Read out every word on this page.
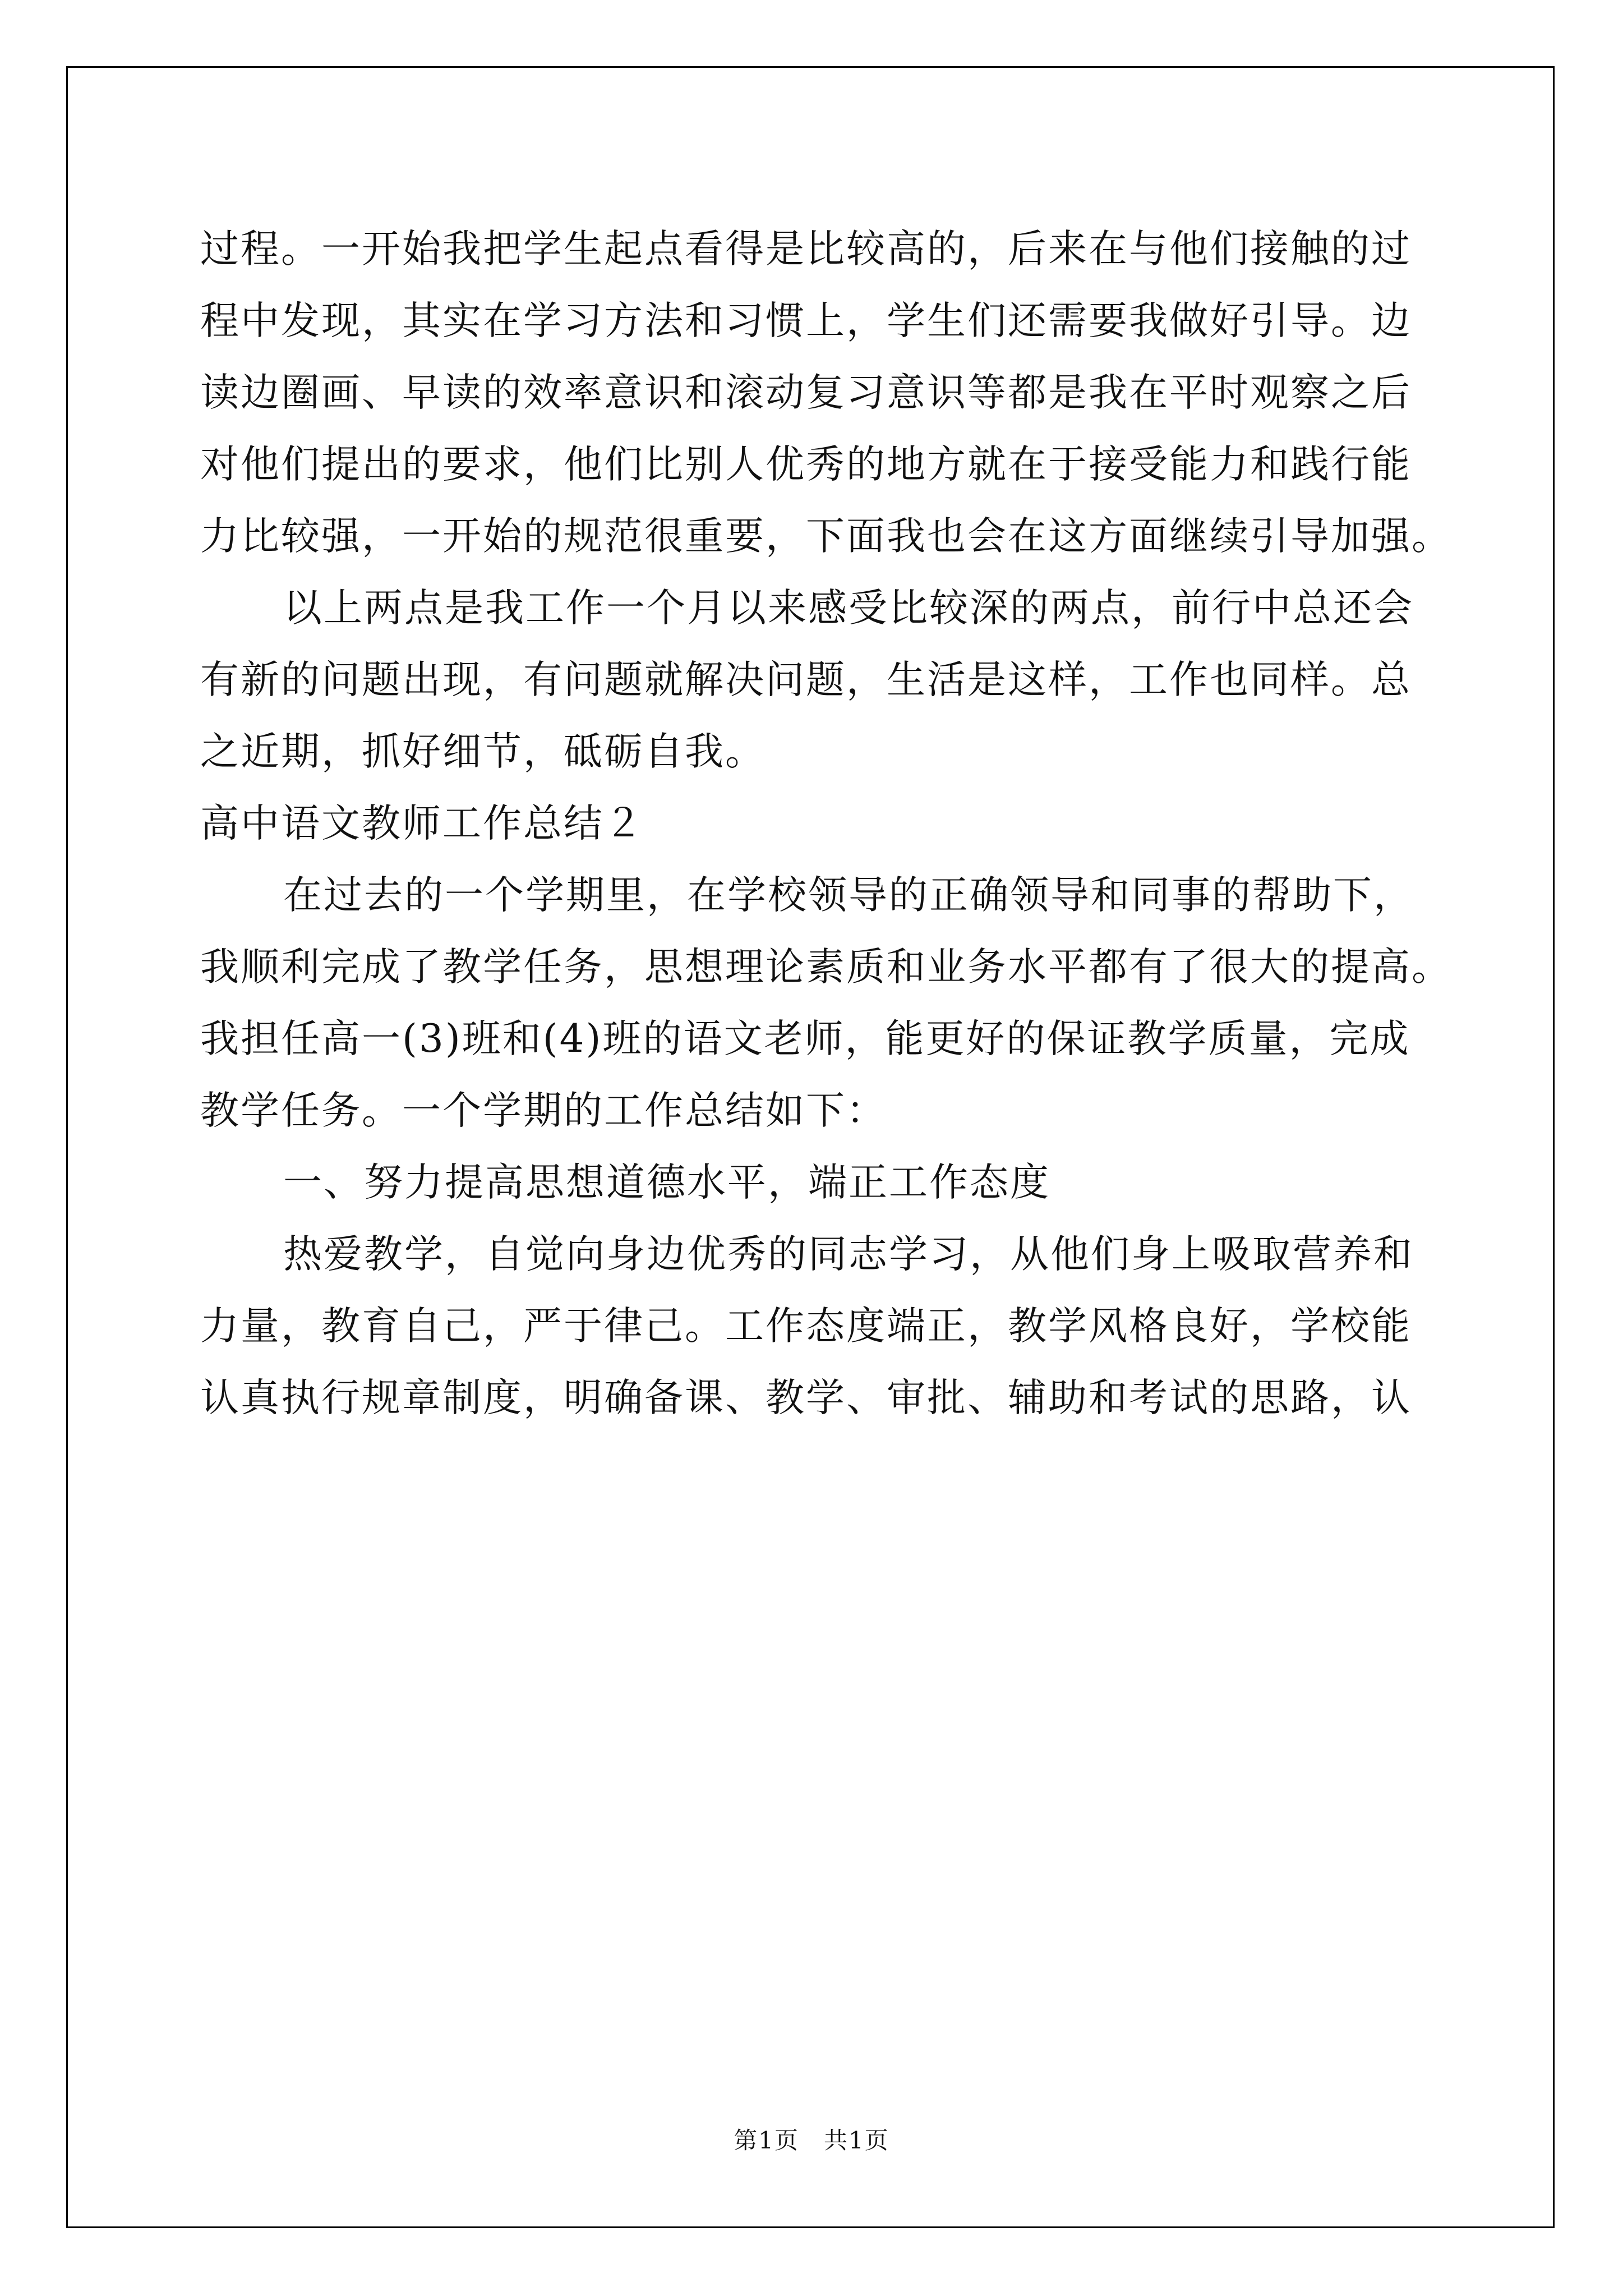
过程。一开始我把学生起点看得是比较高的，后来在与他们接触的过
程中发现，其实在学习方法和习惯上，学生们还需要我做好引导。边
读边圈画、早读的效率意识和滚动复习意识等都是我在平时观察之后
对他们提出的要求，他们比别人优秀的地方就在于接受能力和践行能
力比较强，一开始的规范很重要，下面我也会在这方面继续引导加强。
以上两点是我工作一个月以来感受比较深的两点，前行中总还会
有新的问题出现，有问题就解决问题，生活是这样，工作也同样。总
之近期，抓好细节，砥砺自我。
高中语文教师工作总结２
在过去的一个学期里，在学校领导的正确领导和同事的帮助下，
我顺利完成了教学任务，思想理论素质和业务水平都有了很大的提高。
我担任高一(3)班和(4)班的语文老师，能更好的保证教学质量，完成
教学任务。一个学期的工作总结如下：
一、努力提高思想道德水平，端正工作态度
热爱教学，自觉向身边优秀的同志学习，从他们身上吸取营养和
力量，教育自己，严于律己。工作态度端正，教学风格良好，学校能
认真执行规章制度，明确备课、教学、审批、辅助和考试的思路，认
第1页　共1页
